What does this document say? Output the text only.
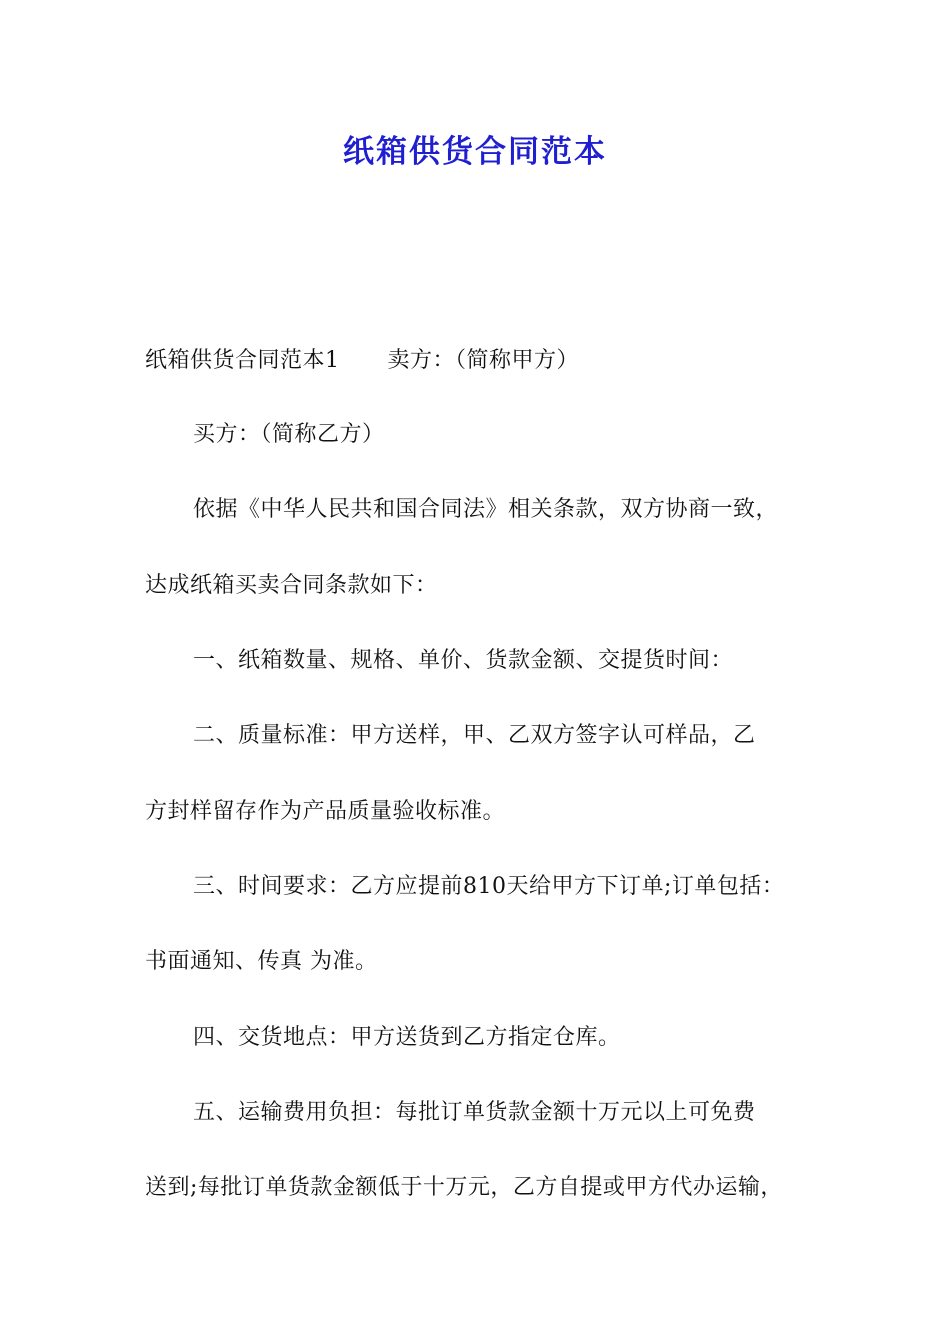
纸箱供货合同范本
纸箱供货合同范本1 卖方：（简称甲方）
买方：（简称乙方）
依据《中华人民共和国合同法》相关条款，双方协商一致，
达成纸箱买卖合同条款如下：
一、纸箱数量、规格、单价、货款金额、交提货时间：
二、质量标准：甲方送样，甲、乙双方签字认可样品，乙
方封样留存作为产品质量验收标准。
三、时间要求：乙方应提前810天给甲方下订单;订单包括：
书面通知、传真 为准。
四、交货地点：甲方送货到乙方指定仓库。
五、运输费用负担：每批订单货款金额十万元以上可免费
送到;每批订单货款金额低于十万元，乙方自提或甲方代办运输，
